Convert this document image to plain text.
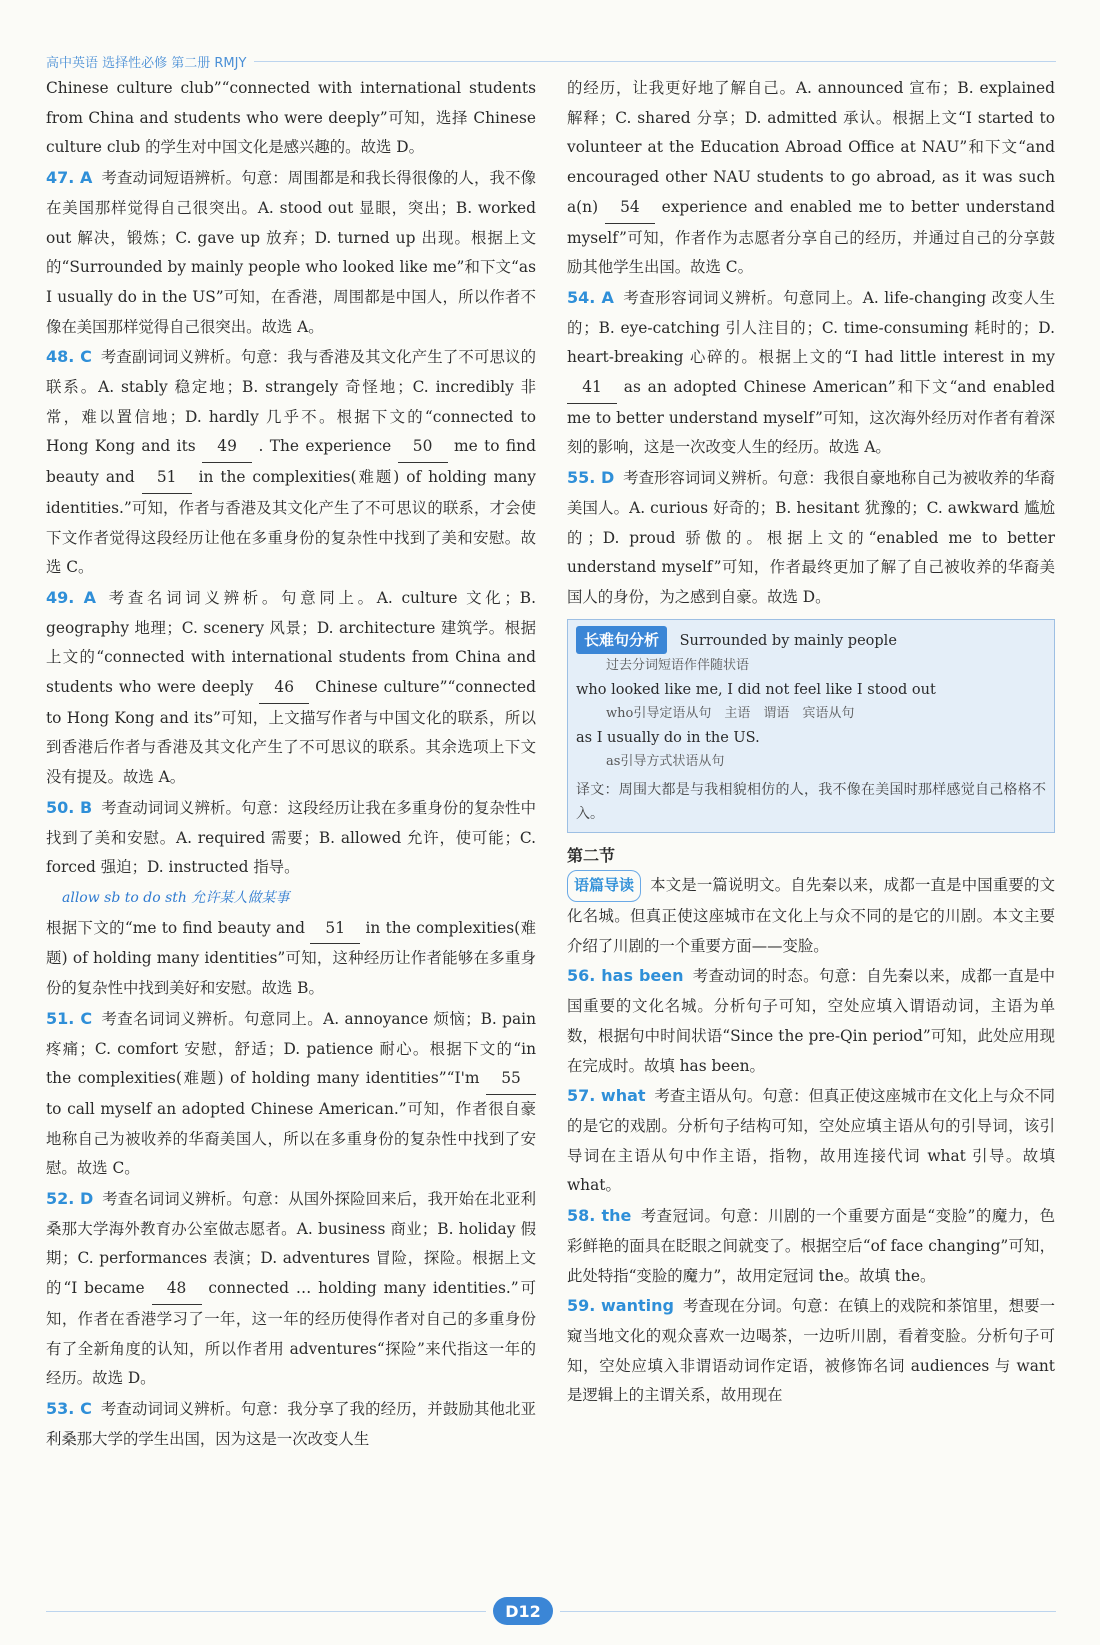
高中英语 选择性必修 第二册 RMJY

Chinese culture club”“connected with international students from China and students who were deeply”可知，选择 Chinese culture club 的学生对中国文化是感兴趣的。故选 D。

47. A 考查动词短语辨析。句意：周围都是和我长得很像的人，我不像在美国那样觉得自己很突出。A. stood out 显眼，突出；B. worked out 解决，锻炼；C. gave up 放弃；D. turned up 出现。根据上文的“Surrounded by mainly people who looked like me”和下文“as I usually do in the US”可知，在香港，周围都是中国人，所以作者不像在美国那样觉得自己很突出。故选 A。

48. C 考查副词词义辨析。句意：我与香港及其文化产生了不可思议的联系。A. stably 稳定地；B. strangely 奇怪地；C. incredibly 非常，难以置信地；D. hardly 几乎不。根据下文的“connected to Hong Kong and its 49 . The experience 50 me to find beauty and 51 in the complexities(难题) of holding many identities.”可知，作者与香港及其文化产生了不可思议的联系，才会使下文作者觉得这段经历让他在多重身份的复杂性中找到了美和安慰。故选 C。

49. A 考查名词词义辨析。句意同上。A. culture 文化；B. geography 地理；C. scenery 风景；D. architecture 建筑学。根据上文的“connected with international students from China and students who were deeply 46 Chinese culture”“connected to Hong Kong and its”可知，上文描写作者与中国文化的联系，所以到香港后作者与香港及其文化产生了不可思议的联系。其余选项上下文没有提及。故选 A。

50. B 考查动词词义辨析。句意：这段经历让我在多重身份的复杂性中找到了美和安慰。A. required 需要；B. allowed 允许，使可能；C. forced 强迫；D. instructed 指导。
allow sb to do sth 允许某人做某事
根据下文的“me to find beauty and 51 in the complexities(难题) of holding many identities”可知，这种经历让作者能够在多重身份的复杂性中找到美好和安慰。故选 B。

51. C 考查名词词义辨析。句意同上。A. annoyance 烦恼；B. pain 疼痛；C. comfort 安慰，舒适；D. patience 耐心。根据下文的“in the complexities(难题) of holding many identities”“I'm 55 to call myself an adopted Chinese American.”可知，作者很自豪地称自己为被收养的华裔美国人，所以在多重身份的复杂性中找到了安慰。故选 C。

52. D 考查名词词义辨析。句意：从国外探险回来后，我开始在北亚利桑那大学海外教育办公室做志愿者。A. business 商业；B. holiday 假期；C. performances 表演；D. adventures 冒险，探险。根据上文的“I became 48 connected … holding many identities.”可知，作者在香港学习了一年，这一年的经历使得作者对自己的多重身份有了全新角度的认知，所以作者用 adventures“探险”来代指这一年的经历。故选 D。

53. C 考查动词词义辨析。句意：我分享了我的经历，并鼓励其他北亚利桑那大学的学生出国，因为这是一次改变人生

的经历，让我更好地了解自己。A. announced 宣布；B. explained 解释；C. shared 分享；D. admitted 承认。根据上文“I started to volunteer at the Education Abroad Office at NAU”和下文“and encouraged other NAU students to go abroad, as it was such a(n) 54 experience and enabled me to better understand myself”可知，作者作为志愿者分享自己的经历，并通过自己的分享鼓励其他学生出国。故选 C。

54. A 考查形容词词义辨析。句意同上。A. life-changing 改变人生的；B. eye-catching 引人注目的；C. time-consuming 耗时的；D. heart-breaking 心碎的。根据上文的“I had little interest in my 41 as an adopted Chinese American”和下文“and enabled me to better understand myself”可知，这次海外经历对作者有着深刻的影响，这是一次改变人生的经历。故选 A。

55. D 考查形容词词义辨析。句意：我很自豪地称自己为被收养的华裔美国人。A. curious 好奇的；B. hesitant 犹豫的；C. awkward 尴尬的；D. proud 骄傲的。根据上文的“enabled me to better understand myself”可知，作者最终更加了解了自己被收养的华裔美国人的身份，为之感到自豪。故选 D。

长难句分析 Surrounded by mainly people
过去分词短语作伴随状语
who looked like me, I did not feel like I stood out
who引导定语从句　主语　谓语　宾语从句
as I usually do in the US.
as引导方式状语从句
译文：周围大都是与我相貌相仿的人，我不像在美国时那样感觉自己格格不入。
第二节

语篇导读 本文是一篇说明文。自先秦以来，成都一直是中国重要的文化名城。但真正使这座城市在文化上与众不同的是它的川剧。本文主要介绍了川剧的一个重要方面——变脸。

56. has been 考查动词的时态。句意：自先秦以来，成都一直是中国重要的文化名城。分析句子可知，空处应填入谓语动词，主语为单数，根据句中时间状语“Since the pre-Qin period”可知，此处应用现在完成时。故填 has been。

57. what 考查主语从句。句意：但真正使这座城市在文化上与众不同的是它的戏剧。分析句子结构可知，空处应填主语从句的引导词，该引导词在主语从句中作主语，指物，故用连接代词 what 引导。故填 what。

58. the 考查冠词。句意：川剧的一个重要方面是“变脸”的魔力，色彩鲜艳的面具在眨眼之间就变了。根据空后“of face changing”可知，此处特指“变脸的魔力”，故用定冠词 the。故填 the。

59. wanting 考查现在分词。句意：在镇上的戏院和茶馆里，想要一窥当地文化的观众喜欢一边喝茶，一边听川剧，看着变脸。分析句子可知，空处应填入非谓语动词作定语，被修饰名词 audiences 与 want 是逻辑上的主谓关系，故用现在

D12
